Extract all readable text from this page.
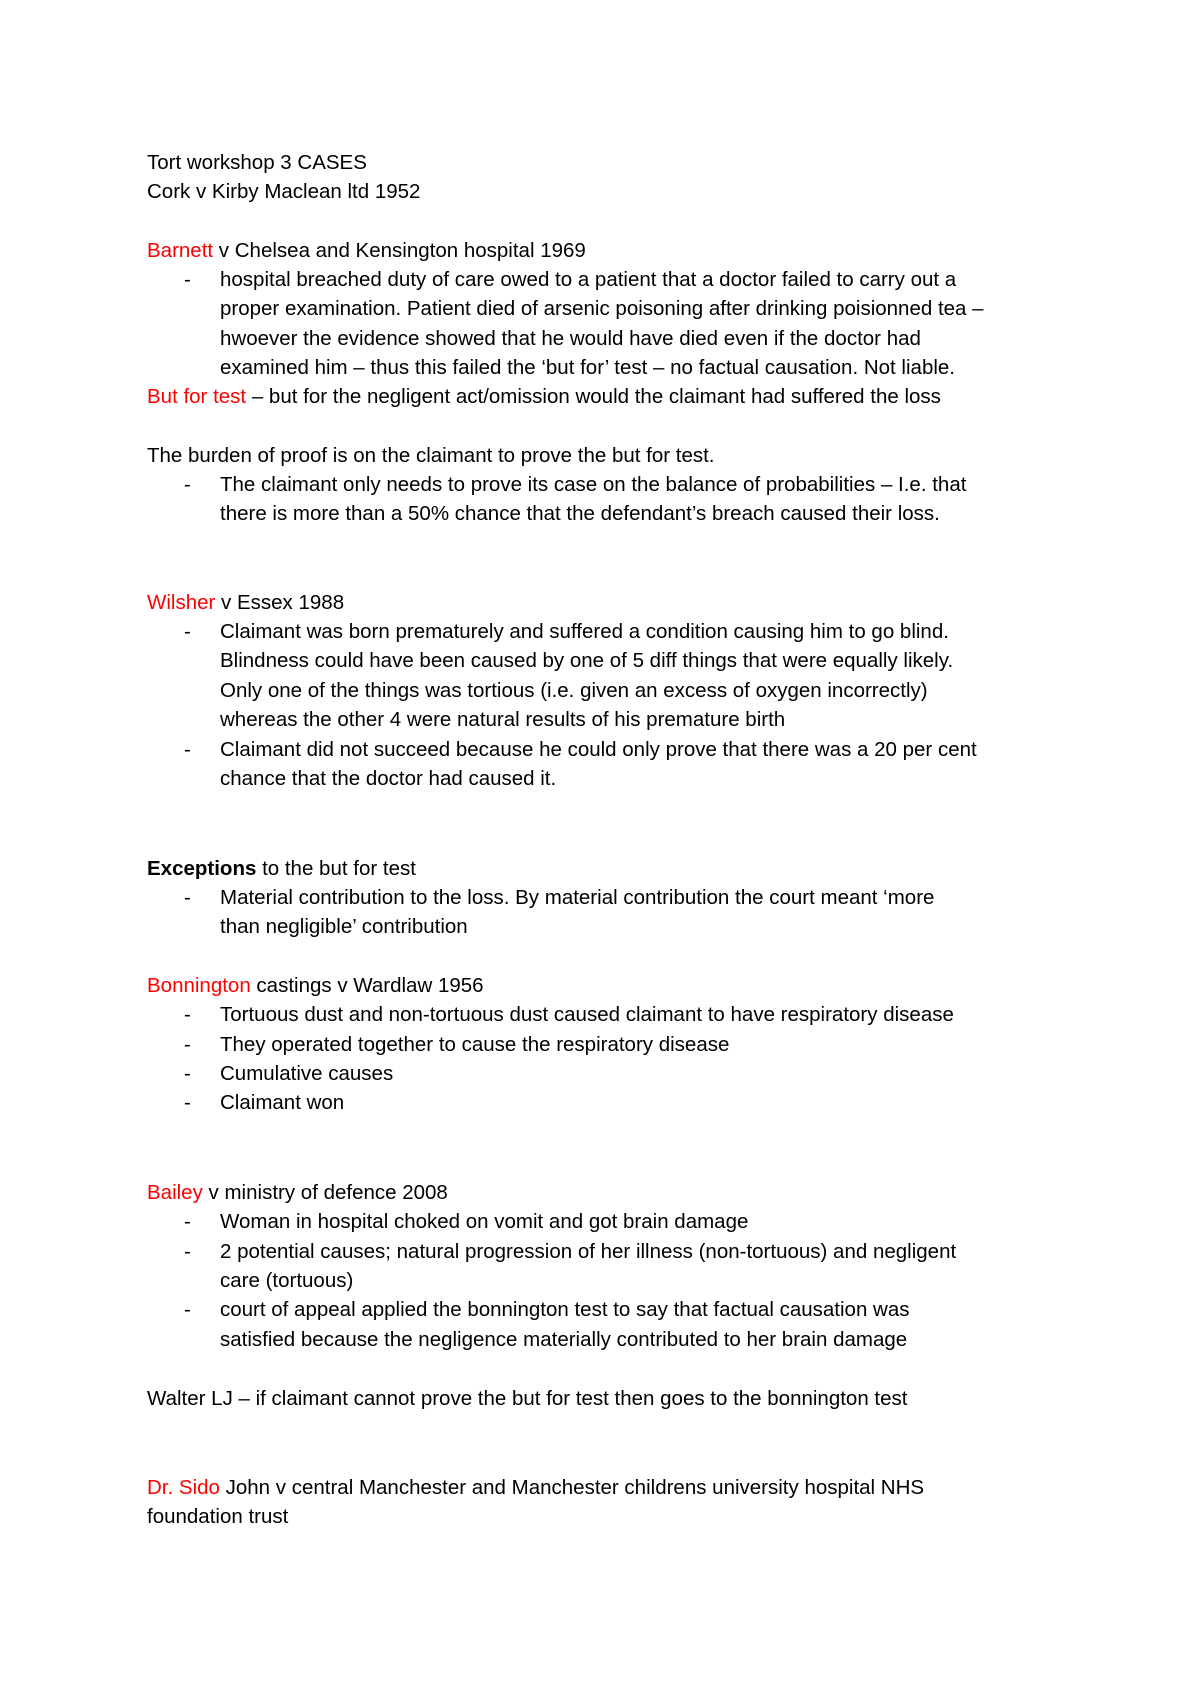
Tort workshop 3 CASES
Cork v Kirby Maclean ltd 1952
Barnett v Chelsea and Kensington hospital 1969
- hospital breached duty of care owed to a patient that a doctor failed to carry out a
proper examination. Patient died of arsenic poisoning after drinking poisionned tea –
hwoever the evidence showed that he would have died even if the doctor had
examined him – thus this failed the ‘but for’ test – no factual causation. Not liable.
But for test – but for the negligent act/omission would the claimant had suffered the loss
The burden of proof is on the claimant to prove the but for test.
- The claimant only needs to prove its case on the balance of probabilities – I.e. that
there is more than a 50% chance that the defendant’s breach caused their loss.
Wilsher v Essex 1988
- Claimant was born prematurely and suffered a condition causing him to go blind.
Blindness could have been caused by one of 5 diff things that were equally likely.
Only one of the things was tortious (i.e. given an excess of oxygen incorrectly)
whereas the other 4 were natural results of his premature birth
- Claimant did not succeed because he could only prove that there was a 20 per cent
chance that the doctor had caused it.
Exceptions to the but for test
- Material contribution to the loss. By material contribution the court meant ‘more
than negligible’ contribution
Bonnington castings v Wardlaw 1956
- Tortuous dust and non-tortuous dust caused claimant to have respiratory disease
- They operated together to cause the respiratory disease
- Cumulative causes
- Claimant won
Bailey v ministry of defence 2008
- Woman in hospital choked on vomit and got brain damage
- 2 potential causes; natural progression of her illness (non-tortuous) and negligent
care (tortuous)
- court of appeal applied the bonnington test to say that factual causation was
satisfied because the negligence materially contributed to her brain damage
Walter LJ – if claimant cannot prove the but for test then goes to the bonnington test
Dr. Sido John v central Manchester and Manchester childrens university hospital NHS
foundation trust
